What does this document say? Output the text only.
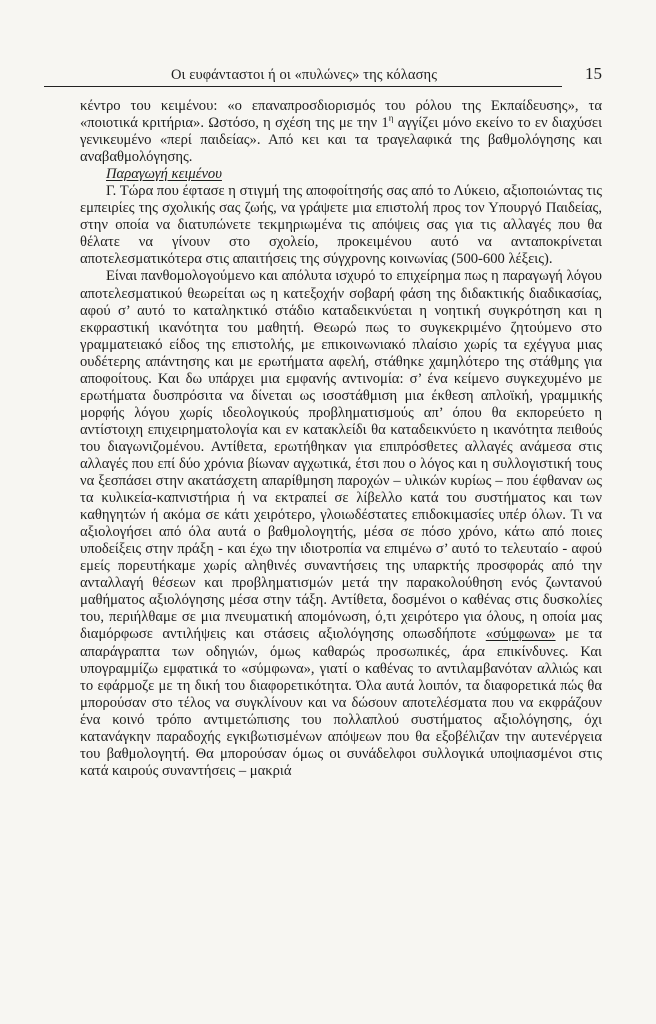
Οι ευφάνταστοι ή οι «πυλώνες» της κόλασης	15

κέντρο του κειμένου: «ο επαναπροσδιορισμός του ρόλου της Εκπαίδευσης», τα «ποιοτικά κριτήρια». Ωστόσο, η σχέση της με την $1^\eta$ αγγίζει μόνο εκείνο το εν διαχύσει γενικευμένο «περί παιδείας». Από κει και τα τραγελαφικά της βαθμολόγησης και αναβαθμολόγησης.

Παραγωγή κειμένου

Γ. Τώρα που έφτασε η στιγμή της αποφοίτησής σας από το Λύκειο, αξιοποιώντας τις εμπειρίες της σχολικής σας ζωής, να γράψετε μια επιστολή προς τον Υπουργό Παιδείας, στην οποία να διατυπώνετε τεκμηριωμένα τις απόψεις σας για τις αλλαγές που θα θέλατε να γίνουν στο σχολείο, προκειμένου αυτό να ανταποκρίνεται αποτελεσματικότερα στις απαιτήσεις της σύγχρονης κοινωνίας (500-600 λέξεις).

Είναι πανθομολογούμενο και απόλυτα ισχυρό το επιχείρημα πως η παραγωγή λόγου αποτελεσματικού θεωρείται ως η κατεξοχήν σοβαρή φάση της διδακτικής διαδικασίας, αφού σ’ αυτό το καταληκτικό στάδιο καταδεικνύεται η νοητική συγκρότηση και η εκφραστική ικανότητα του μαθητή. Θεωρώ πως το συγκεκριμένο ζητούμενο στο γραμματειακό είδος της επιστολής, με επικοινωνιακό πλαίσιο χωρίς τα εχέγγυα μιας ουδέτερης απάντησης και με ερωτήματα αφελή, στάθηκε χαμηλότερο της στάθμης για αποφοίτους. Και δω υπάρχει μια εμφανής αντινομία: σ’ ένα κείμενο συγκεχυμένο με ερωτήματα δυσπρόσιτα να δίνεται ως ισοστάθμιση μια έκθεση απλοϊκή, γραμμικής μορφής λόγου χωρίς ιδεολογικούς προβληματισμούς απ’ όπου θα εκπορεύετο η αντίστοιχη επιχειρηματολογία και εν κατακλείδι θα καταδεικνύετο η ικανότητα πειθούς του διαγωνιζομένου. Αντίθετα, ερωτήθηκαν για επιπρόσθετες αλλαγές ανάμεσα στις αλλαγές που επί δύο χρόνια βίωναν αγχωτικά, έτσι που ο λόγος και η συλλογιστική τους να ξεσπάσει στην ακατάσχετη απαρίθμηση παροχών – υλικών κυρίως – που έφθαναν ως τα κυλικεία-καπνιστήρια ή να εκτραπεί σε λίβελλο κατά του συστήματος και των καθηγητών ή ακόμα σε κάτι χειρότερο, γλοιωδέστατες επιδοκιμασίες υπέρ όλων. Τι να αξιολογήσει από όλα αυτά ο βαθμολογητής, μέσα σε πόσο χρόνο, κάτω από ποιες υποδείξεις στην πράξη - και έχω την ιδιοτροπία να επιμένω σ’ αυτό το τελευταίο - αφού εμείς πορευτήκαμε χωρίς αληθινές συναντήσεις της υπαρκτής προσφοράς από την ανταλλαγή θέσεων και προβληματισμών μετά την παρακολούθηση ενός ζωντανού μαθήματος αξιολόγησης μέσα στην τάξη. Αντίθετα, δοσμένοι ο καθένας στις δυσκολίες του, περιήλθαμε σε μια πνευματική απομόνωση, ό,τι χειρότερο για όλους, η οποία μας διαμόρφωσε αντιλήψεις και στάσεις αξιολόγησης οπωσδήποτε «σύμφωνα» με τα απαράγραπτα των οδηγιών, όμως καθαρώς προσωπικές, άρα επικίνδυνες. Και υπογραμμίζω εμφατικά το «σύμφωνα», γιατί ο καθένας το αντιλαμβανόταν αλλιώς και το εφάρμοζε με τη δική του διαφορετικότητα. Όλα αυτά λοιπόν, τα διαφορετικά πώς θα μπορούσαν στο τέλος να συγκλίνουν και να δώσουν αποτελέσματα που να εκφράζουν ένα κοινό τρόπο αντιμετώπισης του πολλαπλού συστήματος αξιολόγησης, όχι κατανάγκην παραδοχής εγκιβωτισμένων απόψεων που θα εξοβέλιζαν την αυτενέργεια του βαθμολογητή. Θα μπορούσαν όμως οι συνάδελφοι συλλογικά υποψιασμένοι στις κατά καιρούς συναντήσεις – μακριά
